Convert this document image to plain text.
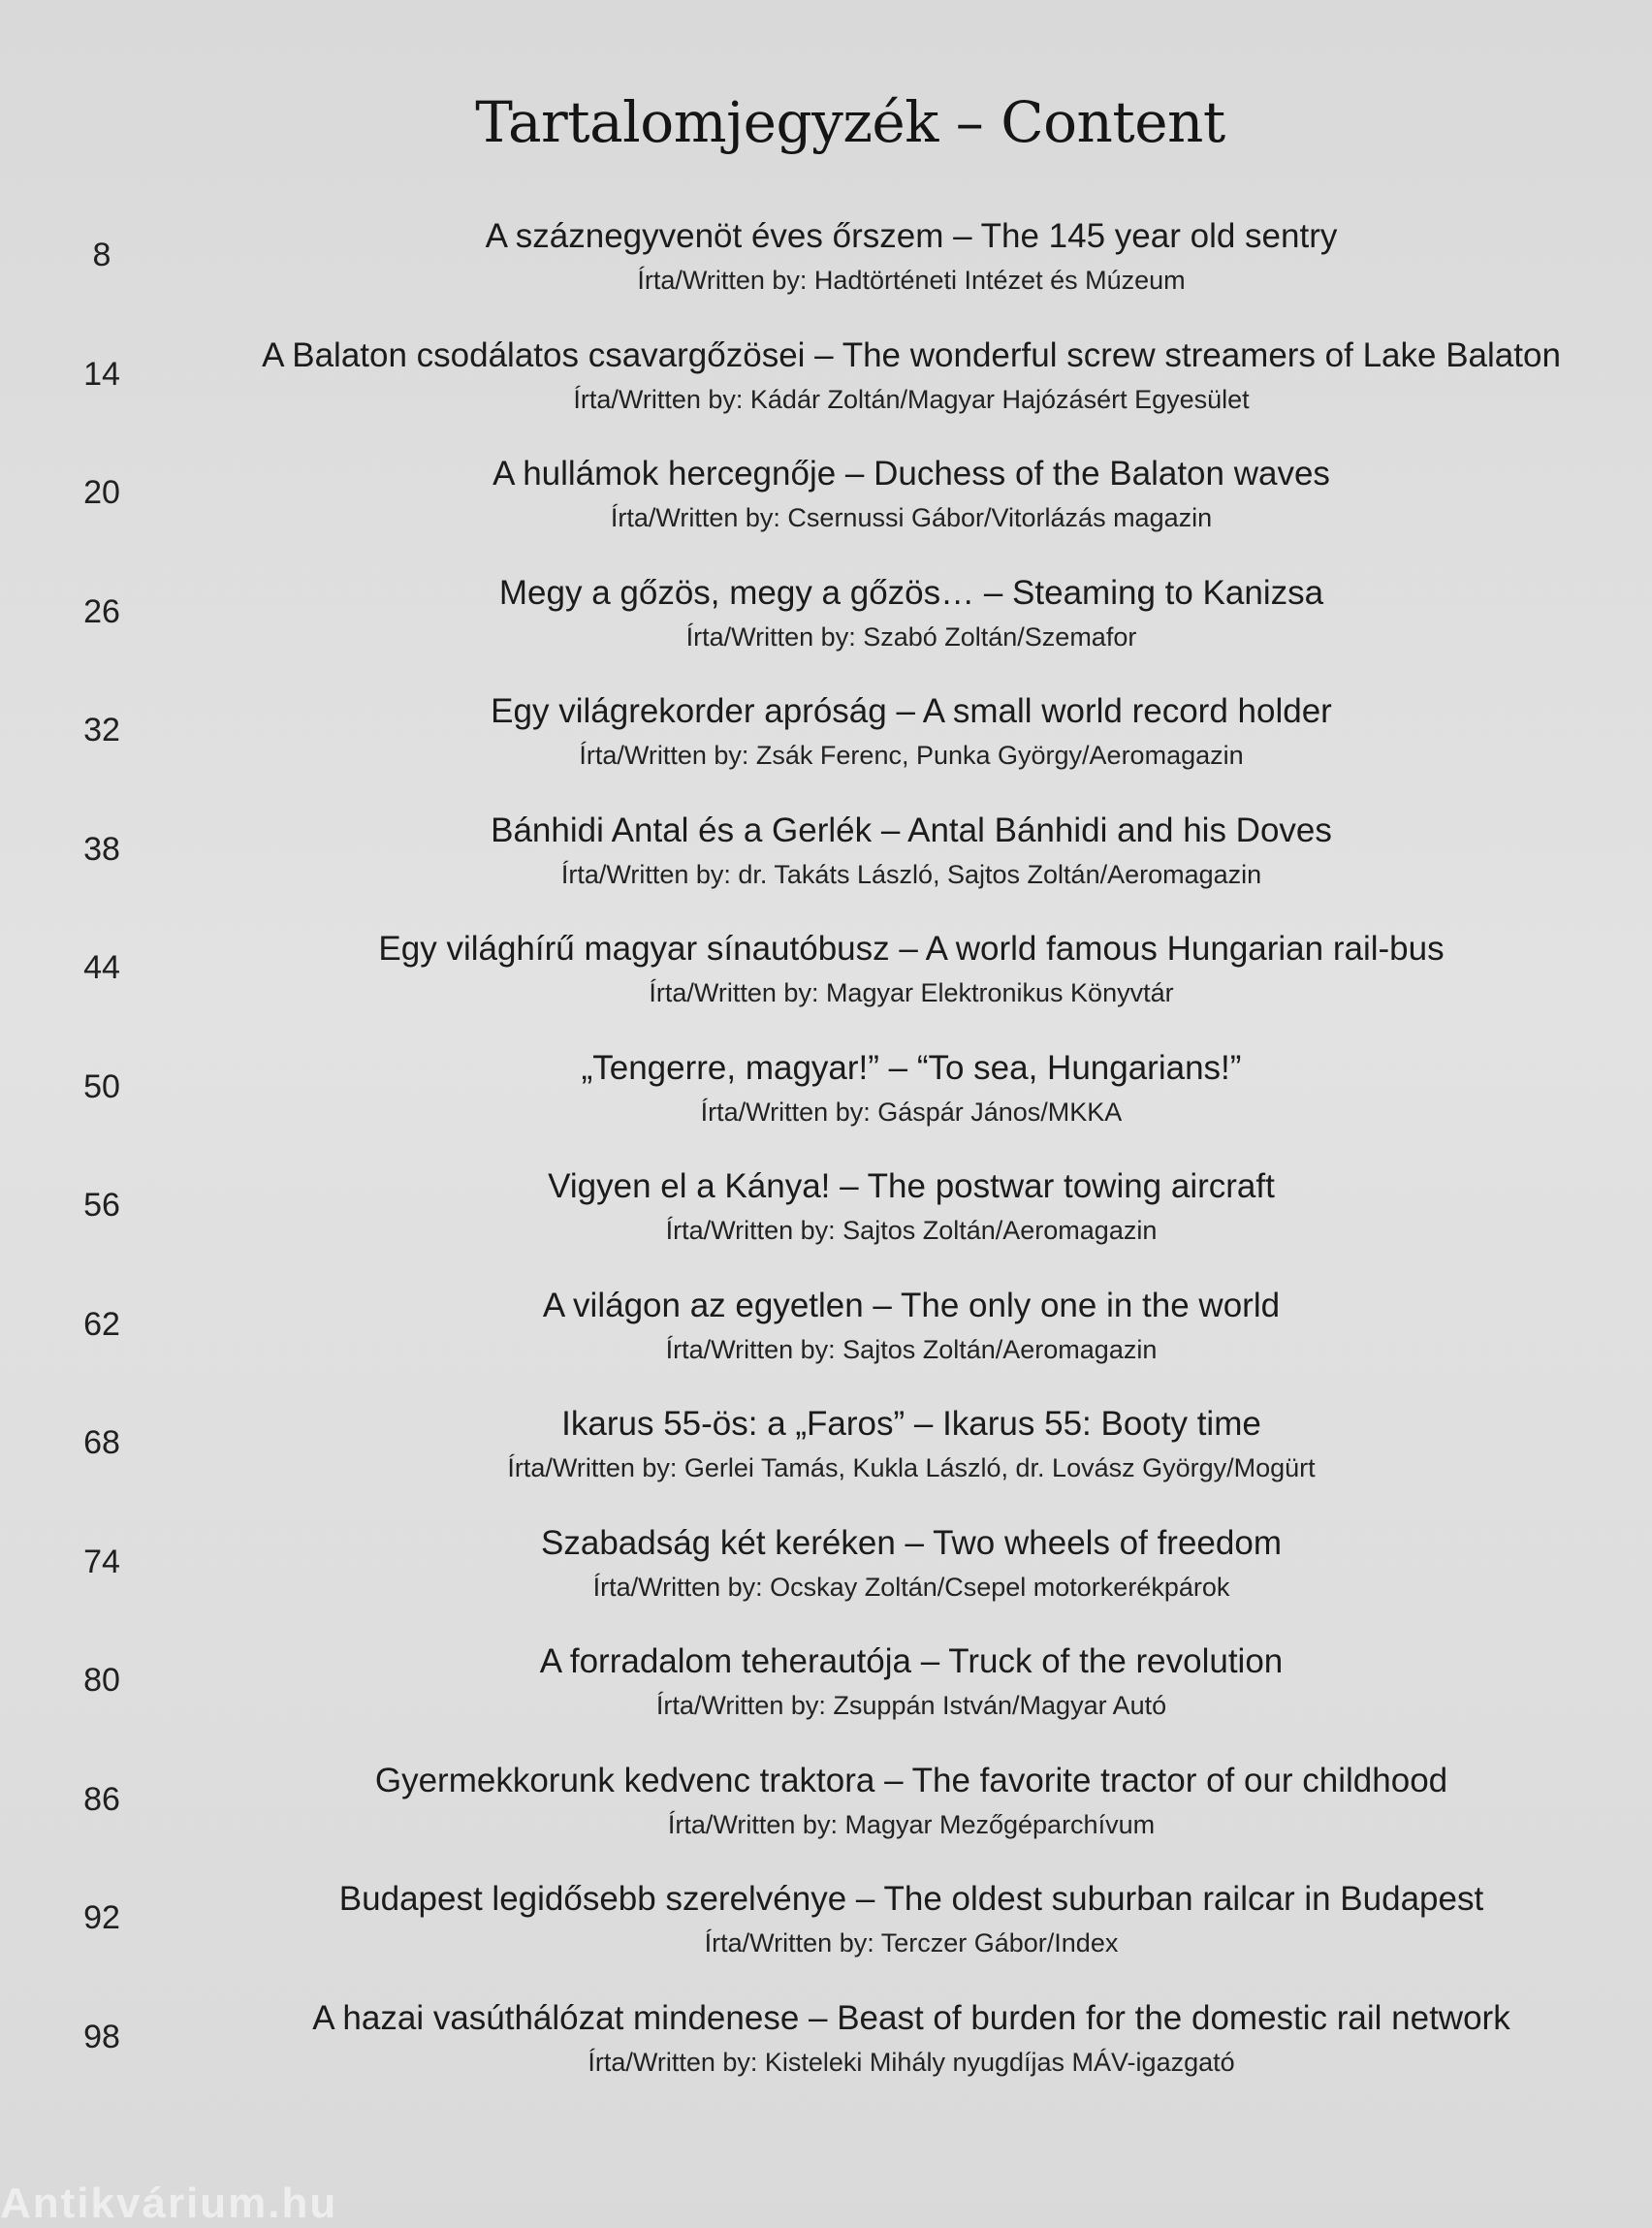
Tartalomjegyzék – Content
8	A száznegyvenöt éves őrszem – The 145 year old sentry
Írta/Written by: Hadtörténeti Intézet és Múzeum
14	A Balaton csodálatos csavargőzösei – The wonderful screw streamers of Lake Balaton
Írta/Written by: Kádár Zoltán/Magyar Hajózásért Egyesület
20	A hullámok hercegnője – Duchess of the Balaton waves
Írta/Written by: Csernussi Gábor/Vitorlázás magazin
26	Megy a gőzös, megy a gőzös… – Steaming to Kanizsa
Írta/Written by: Szabó Zoltán/Szemafor
32	Egy világrekorder apróság – A small world record holder
Írta/Written by: Zsák Ferenc, Punka György/Aeromagazin
38	Bánhidi Antal és a Gerlék – Antal Bánhidi and his Doves
Írta/Written by: dr. Takáts László, Sajtos Zoltán/Aeromagazin
44	Egy világhírű magyar sínautóbusz – A world famous Hungarian rail-bus
Írta/Written by: Magyar Elektronikus Könyvtár
50	„Tengerre, magyar!” – “To sea, Hungarians!”
Írta/Written by: Gáspár János/MKKA
56	Vigyen el a Kánya! – The postwar towing aircraft
Írta/Written by: Sajtos Zoltán/Aeromagazin
62	A világon az egyetlen – The only one in the world
Írta/Written by: Sajtos Zoltán/Aeromagazin
68	Ikarus 55-ös: a „Faros” – Ikarus 55: Booty time
Írta/Written by: Gerlei Tamás, Kukla László, dr. Lovász György/Mogürt
74	Szabadság két keréken – Two wheels of freedom
Írta/Written by: Ocskay Zoltán/Csepel motorkerékpárok
80	A forradalom teherautója – Truck of the revolution
Írta/Written by: Zsuppán István/Magyar Autó
86	Gyermekkorunk kedvenc traktora – The favorite tractor of our childhood
Írta/Written by: Magyar Mezőgéparchívum
92	Budapest legidősebb szerelvénye – The oldest suburban railcar in Budapest
Írta/Written by: Terczer Gábor/Index
98	A hazai vasúthálózat mindenese – Beast of burden for the domestic rail network
Írta/Written by: Kisteleki Mihály nyugdíjas MÁV-igazgató
Antikvárium.hu
